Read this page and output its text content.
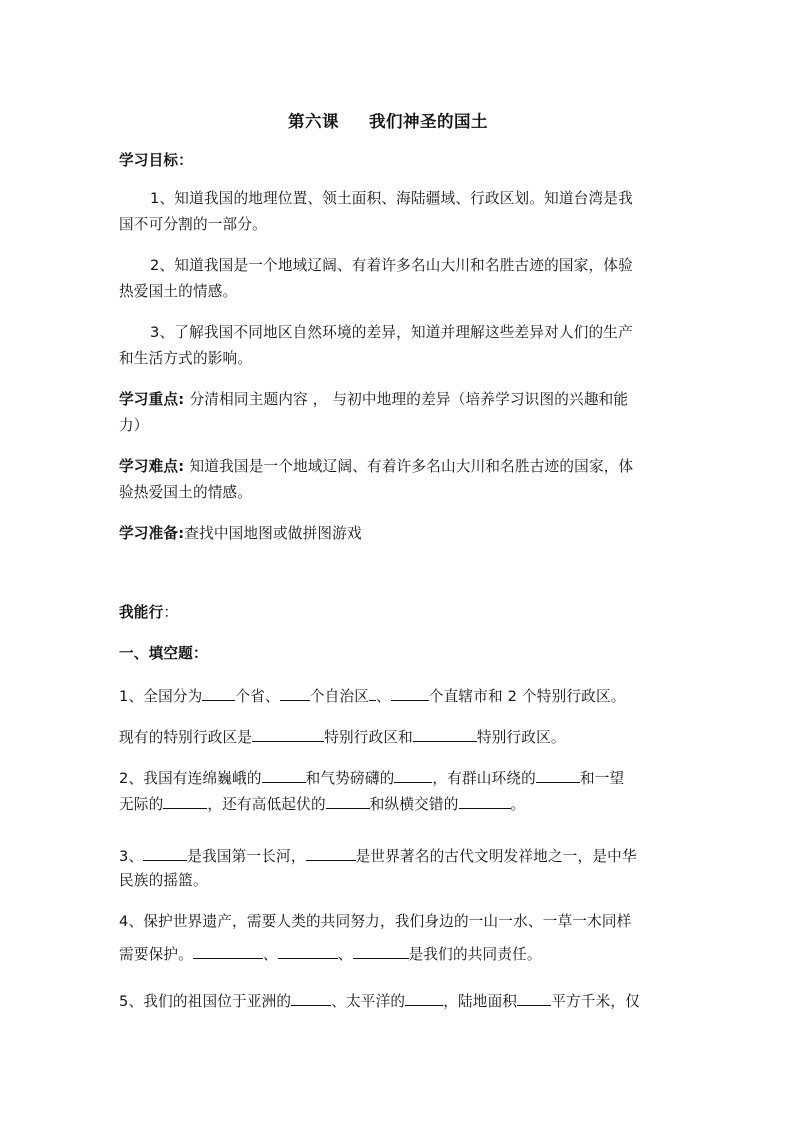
第六课 我们神圣的国土
学习目标：
1、知道我国的地理位置、领土面积、海陆疆域、行政区划。知道台湾是我
国不可分割的一部分。
2、知道我国是一个地域辽阔、有着许多名山大川和名胜古迹的国家，体验
热爱国土的情感。
3、了解我国不同地区自然环境的差异，知道并理解这些差异对人们的生产
和生活方式的影响。
学习重点: 分清相同主题内容 ， 与初中地理的差异（培养学习识图的兴趣和能
力）
学习难点: 知道我国是一个地域辽阔、有着许多名山大川和名胜古迹的国家，体
验热爱国土的情感。
学习准备:查找中国地图或做拼图游戏
我能行：
一、填空题：
1、全国分为 个省、 个自治区 、	个直辖市和 2 个特别行政区。
现有的特别行政区是	特别行政区和	特别行政区。
2、我国有连绵巍峨的	和气势磅礴的	，有群山环绕的	和一望
无际的	，还有高低起伏的	和纵横交错的	。
3、	是我国第一长河，	是世界著名的古代文明发祥地之一，是中华
民族的摇篮。
4、保护世界遗产，需要人类的共同努力，我们身边的一山一水、一草一木同样
需要保护。	、	、	是我们的共同责任。
5、我们的祖国位于亚洲的	、太平洋的	，陆地面积 平方千米，仅
